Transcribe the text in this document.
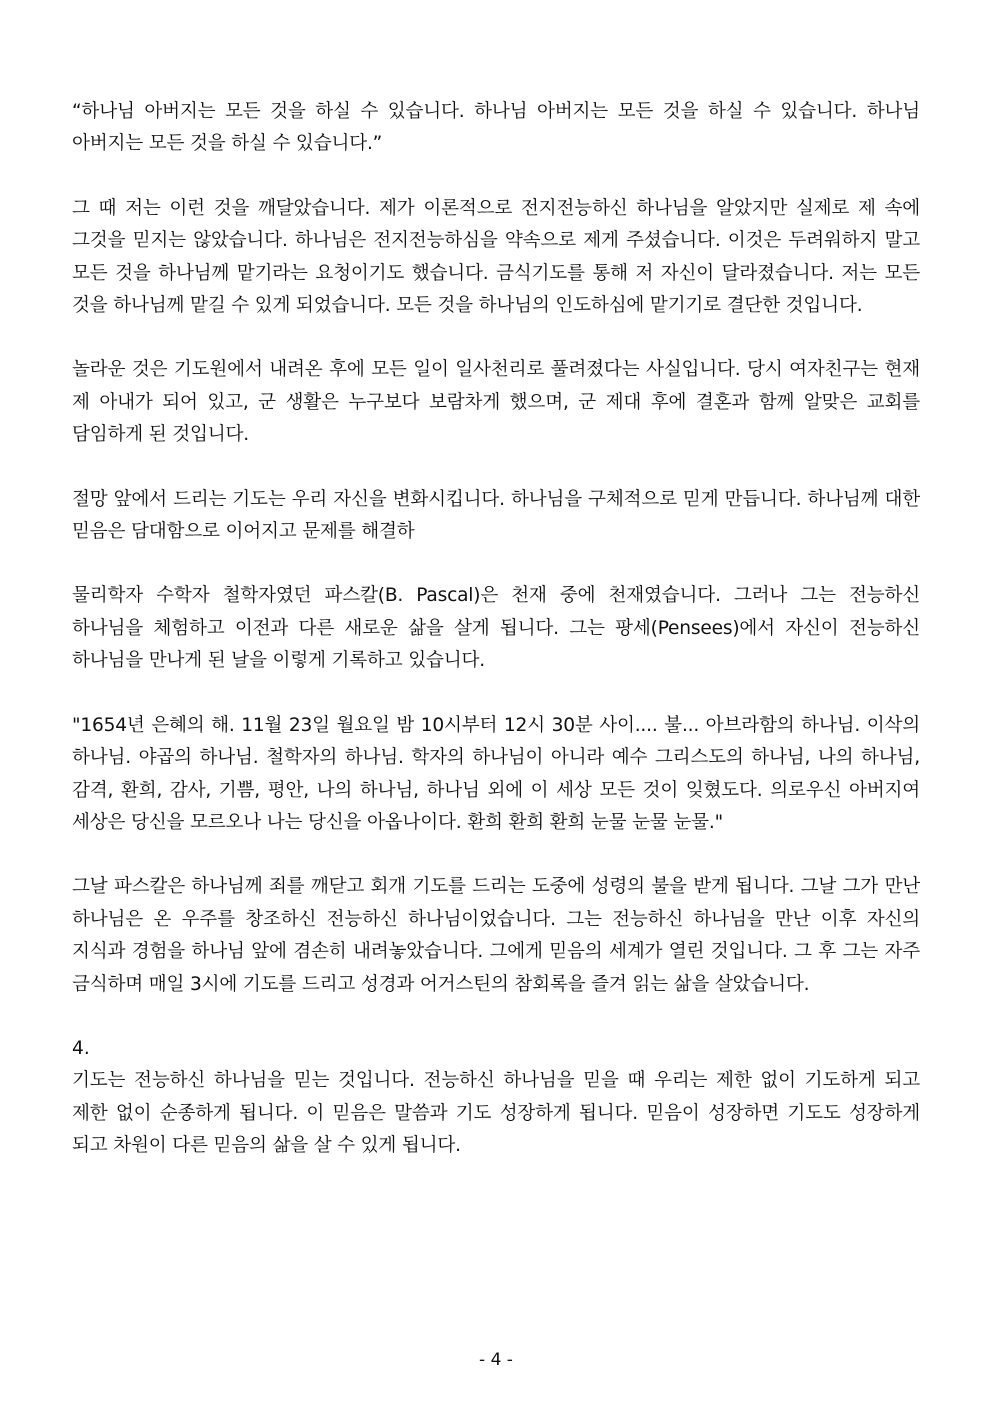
“하나님 아버지는 모든 것을 하실 수 있습니다. 하나님 아버지는 모든 것을 하실 수 있습니다. 하나님 아버지는 모든 것을 하실 수 있습니다.”

그 때 저는 이런 것을 깨달았습니다. 제가 이론적으로 전지전능하신 하나님을 알았지만 실제로 제 속에 그것을 믿지는 않았습니다. 하나님은 전지전능하심을 약속으로 제게 주셨습니다. 이것은 두려워하지 말고 모든 것을 하나님께 맡기라는 요청이기도 했습니다. 금식기도를 통해 저 자신이 달라졌습니다. 저는 모든 것을 하나님께 맡길 수 있게 되었습니다. 모든 것을 하나님의 인도하심에 맡기기로 결단한 것입니다.

놀라운 것은 기도원에서 내려온 후에 모든 일이 일사천리로 풀려졌다는 사실입니다. 당시 여자친구는 현재 제 아내가 되어 있고, 군 생활은 누구보다 보람차게 했으며, 군 제대 후에 결혼과 함께 알맞은 교회를 담임하게 된 것입니다.

절망 앞에서 드리는 기도는 우리 자신을 변화시킵니다. 하나님을 구체적으로 믿게 만듭니다. 하나님께 대한 믿음은 담대함으로 이어지고 문제를 해결하

물리학자 수학자 철학자였던 파스칼(B. Pascal)은 천재 중에 천재였습니다. 그러나 그는 전능하신 하나님을 체험하고 이전과 다른 새로운 삶을 살게 됩니다. 그는 팡세(Pensees)에서 자신이 전능하신 하나님을 만나게 된 날을 이렇게 기록하고 있습니다.

"1654년 은혜의 해. 11월 23일 월요일 밤 10시부터 12시 30분 사이.... 불... 아브라함의 하나님. 이삭의 하나님. 야곱의 하나님. 철학자의 하나님. 학자의 하나님이 아니라 예수 그리스도의 하나님, 나의 하나님, 감격, 환희, 감사, 기쁨, 평안, 나의 하나님, 하나님 외에 이 세상 모든 것이 잊혔도다. 의로우신 아버지여 세상은 당신을 모르오나 나는 당신을 아옵나이다. 환희 환희 환희 눈물 눈물 눈물."

그날 파스칼은 하나님께 죄를 깨닫고 회개 기도를 드리는 도중에 성령의 불을 받게 됩니다. 그날 그가 만난 하나님은 온 우주를 창조하신 전능하신 하나님이었습니다. 그는 전능하신 하나님을 만난 이후 자신의 지식과 경험을 하나님 앞에 겸손히 내려놓았습니다. 그에게 믿음의 세계가 열린 것입니다. 그 후 그는 자주 금식하며 매일 3시에 기도를 드리고 성경과 어거스틴의 참회록을 즐겨 읽는 삶을 살았습니다.

4.

기도는 전능하신 하나님을 믿는 것입니다. 전능하신 하나님을 믿을 때 우리는 제한 없이 기도하게 되고 제한 없이 순종하게 됩니다. 이 믿음은 말씀과 기도 성장하게 됩니다. 믿음이 성장하면 기도도 성장하게 되고 차원이 다른 믿음의 삶을 살 수 있게 됩니다.

- 4 -
